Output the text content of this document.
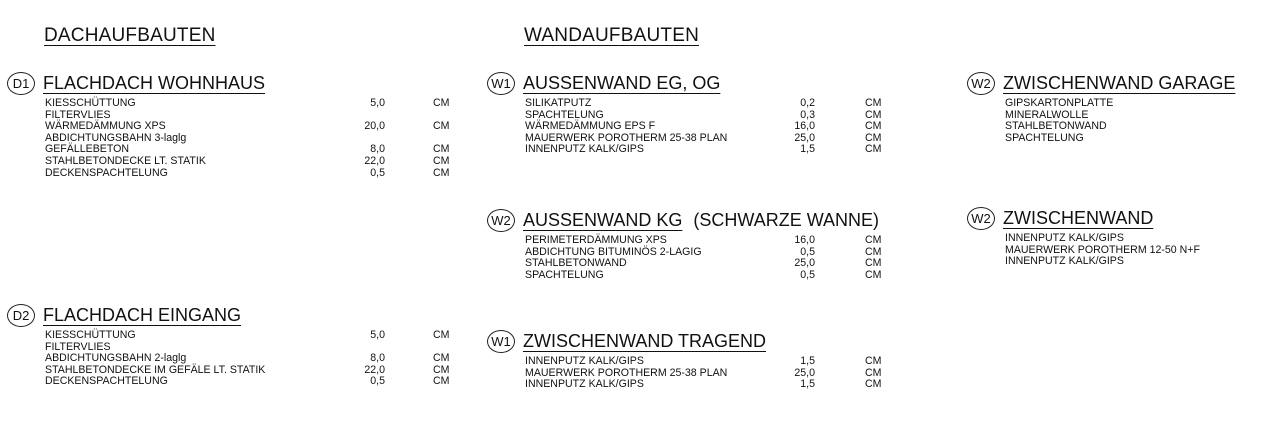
DACHAUFBAUTEN	WANDAUFBAUTEN
D1 FLACHDACH WOHNHAUS
KIESSCHÜTTUNG	5,0	CM
FILTERVLIES
WÄRMEDÄMMUNG XPS	20,0	CM
ABDICHTUNGSBAHN 3-laglg
GEFÄLLEBETON	8,0	CM
STAHLBETONDECKE LT. STATIK	22,0	CM
DECKENSPACHTELUNG	0,5	CM
D2 FLACHDACH EINGANG
KIESSCHÜTTUNG	5,0	CM
FILTERVLIES
ABDICHTUNGSBAHN 2-laglg	8,0	CM
STAHLBETONDECKE IM GEFÄLE LT. STATIK	22,0	CM
DECKENSPACHTELUNG	0,5	CM
W1 AUSSENWAND EG, OG
SILIKATPUTZ	0,2	CM
SPACHTELUNG	0,3	CM
WÄRMEDÄMMUNG EPS F	16,0	CM
MAUERWERK POROTHERM 25-38 PLAN	25,0	CM
INNENPUTZ KALK/GIPS	1,5	CM
W2 AUSSENWAND KG (SCHWARZE WANNE)
PERIMETERDÄMMUNG XPS	16,0	CM
ABDICHTUNG BITUMINÖS 2-LAGIG	0,5	CM
STAHLBETONWAND	25,0	CM
SPACHTELUNG	0,5	CM
W1 ZWISCHENWAND TRAGEND
INNENPUTZ KALK/GIPS	1,5	CM
MAUERWERK POROTHERM 25-38 PLAN	25,0	CM
INNENPUTZ KALK/GIPS	1,5	CM
W2 ZWISCHENWAND GARAGE
GIPSKARTONPLATTE
MINERALWOLLE
STAHLBETONWAND
SPACHTELUNG
W2 ZWISCHENWAND
INNENPUTZ KALK/GIPS
MAUERWERK POROTHERM 12-50 N+F
INNENPUTZ KALK/GIPS
